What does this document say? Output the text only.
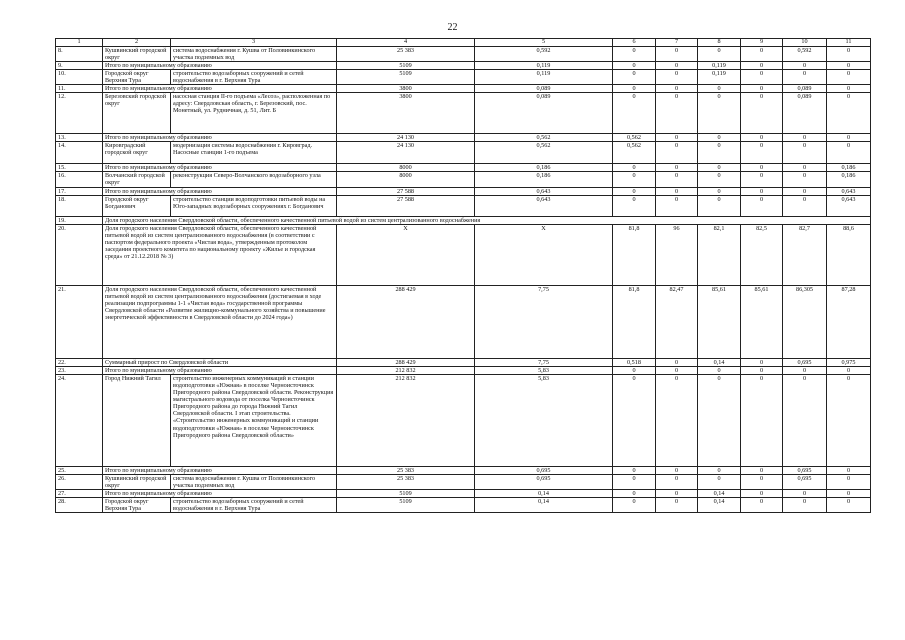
22
1	2	3	4	5	6	7	8	9	10	11
8.	Кушвинский городской округ	система водоснабжения г. Кушва от Половинкинского участка подземных вод	25 383	0,592	0	0	0	0	0,592	0
9.	Итого по муниципальному образованию		5109	0,119	0	0	0,119	0	0	0
10.	Городской округ Верхняя Тура	строительство водозаборных сооружений и сетей водоснабжения в г. Верхняя Тура	5109	0,119	0	0	0,119	0	0	0
11.	Итого по муниципальному образованию		3800	0,089	0	0	0	0	0,089	0
12.	Березовский городской округ	насосная станция II-го подъема «Лесоз», расположенная по адресу: Свердловская область, г. Березовский, пос. Монетный, ул. Рудничная, д. 51, Лит. Б	3800	0,089	0	0	0	0	0,089	0
13.	Итого по муниципальному образованию		24 130	0,562	0,562	0	0	0	0	0
14.	Кировградский городской округ	модернизация системы водоснабжения г. Кировград. Насосные станции 1-го подъема	24 130	0,562	0,562	0	0	0	0	0
15.	Итого по муниципальному образованию		8000	0,186	0	0	0	0	0	0,186
16.	Волчанский городской округ	реконструкция Северо-Волчанского водозаборного узла	8000	0,186	0	0	0	0	0	0,186
17.	Итого по муниципальному образованию		27 588	0,643	0	0	0	0	0	0,643
18.	Городской округ Богданович	строительство станции водоподготовки питьевой воды на Юго-западных водозаборных сооружениях г. Богданович	27 588	0,643	0	0	0	0	0	0,643
19.	Доля городского населения Свердловской области, обеспеченного качественной питьевой водой из систем централизованного водоснабжения									
20.	Доля городского населения Свердловской области, обеспеченного качественной питьевой водой из систем централизованного водоснабжения (в соответствии с паспортом федерального проекта «Чистая вода», утвержденным протоколом заседания проектного комитета по национальному проекту «Жилье и городская среда» от 21.12.2018 № 3)		X	X	81,8	96	82,1	82,5	82,7	88,6
21.	Доля городского населения Свердловской области, обеспеченного качественной питьевой водой из систем централизованного водоснабжения (достигаемая в ходе реализации подпрограммы 1-1 «Чистая вода» государственной программы Свердловской области «Развитие жилищно-коммунального хозяйства и повышение энергетической эффективности в Свердловской области до 2024 года»)		288 429	7,75	81,8	82,47	85,61	85,61	86,305	87,28
22.	Суммарный прирост по Свердловской области		288 429	7,75	0,518	0	0,14	0	0,695	0,975
23.	Итого по муниципальному образованию		212 832	5,83	0	0	0	0	0	0
24.	Город Нижний Тагил	строительство инженерных коммуникаций и станции водоподготовки «Южная» в поселке Черноисточинск Пригородного района Свердловской области. Реконструкция магистрального водовода от поселка Черноисточинск Пригородного района до города Нижний Тагил Свердловской области. I этап строительства. «Строительство инженерных коммуникаций и станции водоподготовки «Южная» в поселке Черноисточинск Пригородного района Свердловской области»	212 832	5,83	0	0	0	0	0	0
25.	Итого по муниципальному образованию		25 383	0,695	0	0	0	0	0,695	0
26.	Кушвинский городской округ	система водоснабжения г. Кушва от Половинкинского участка подземных вод	25 383	0,695	0	0	0	0	0,695	0
27.	Итого по муниципальному образованию		5109	0,14	0	0	0,14	0	0	0
28.	Городской округ Верхняя Тура	строительство водозаборных сооружений и сетей водоснабжения в г. Верхняя Тура	5109	0,14	0	0	0,14	0	0	0
